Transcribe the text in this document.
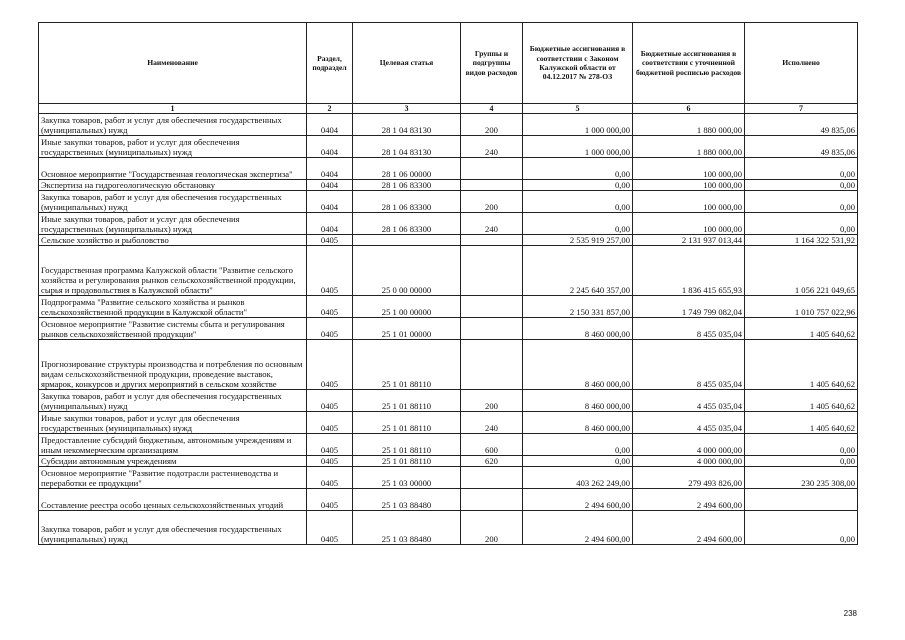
Наименование	Раздел, подраздел	Целевая статья	Группы и подгруппы видов расходов	Бюджетные ассигнования в соответствии с Законом Калужской области от 04.12.2017 № 278-ОЗ	Бюджетные ассигнования в соответствии с уточненной бюджетной росписью расходов	Исполнено
1	2	3	4	5	6	7
Закупка товаров, работ и услуг для обеспечения государственных (муниципальных) нужд	0404	28 1 04 83130	200	1 000 000,00	1 880 000,00	49 835,06
Иные закупки товаров, работ и услуг для обеспечения государственных (муниципальных) нужд	0404	28 1 04 83130	240	1 000 000,00	1 880 000,00	49 835,06
Основное мероприятие "Государственная геологическая экспертиза"	0404	28 1 06 00000		0,00	100 000,00	0,00
Экспертиза на гидрогеологическую обстановку	0404	28 1 06 83300		0,00	100 000,00	0,00
Закупка товаров, работ и услуг для обеспечения государственных (муниципальных) нужд	0404	28 1 06 83300	200	0,00	100 000,00	0,00
Иные закупки товаров, работ и услуг для обеспечения государственных (муниципальных) нужд	0404	28 1 06 83300	240	0,00	100 000,00	0,00
Сельское хозяйство и рыболовство	0405			2 535 919 257,00	2 131 937 013,44	1 164 322 531,92
Государственная программа Калужской области "Развитие сельского хозяйства и регулирования рынков сельскохозяйственной продукции, сырья и продовольствия в Калужской области"	0405	25 0 00 00000		2 245 640 357,00	1 836 415 655,93	1 056 221 049,65
Подпрограмма "Развитие сельского хозяйства и рынков сельскохозяйственной продукции в Калужской области"	0405	25 1 00 00000		2 150 331 857,00	1 749 799 082,04	1 010 757 022,96
Основное мероприятие "Развитие системы сбыта и регулирования рынков сельскохозяйственной продукции"	0405	25 1 01 00000		8 460 000,00	8 455 035,04	1 405 640,62
Прогнозирование структуры производства и потребления по основным видам сельскохозяйственной продукции, проведение выставок, ярмарок, конкурсов и других мероприятий в сельском хозяйстве	0405	25 1 01 88110		8 460 000,00	8 455 035,04	1 405 640,62
Закупка товаров, работ и услуг для обеспечения государственных (муниципальных) нужд	0405	25 1 01 88110	200	8 460 000,00	4 455 035,04	1 405 640,62
Иные закупки товаров, работ и услуг для обеспечения государственных (муниципальных) нужд	0405	25 1 01 88110	240	8 460 000,00	4 455 035,04	1 405 640,62
Предоставление субсидий бюджетным, автономным учреждениям и иным некоммерческим организациям	0405	25 1 01 88110	600	0,00	4 000 000,00	0,00
Субсидии автономным учреждениям	0405	25 1 01 88110	620	0,00	4 000 000,00	0,00
Основное мероприятие "Развитие подотрасли растениеводства и переработки ее продукции"	0405	25 1 03 00000		403 262 249,00	279 493 826,00	230 235 308,00
Составление реестра особо ценных сельскохозяйственных угодий	0405	25 1 03 88480		2 494 600,00	2 494 600,00	
Закупка товаров, работ и услуг для обеспечения государственных (муниципальных) нужд	0405	25 1 03 88480	200	2 494 600,00	2 494 600,00	0,00
238
